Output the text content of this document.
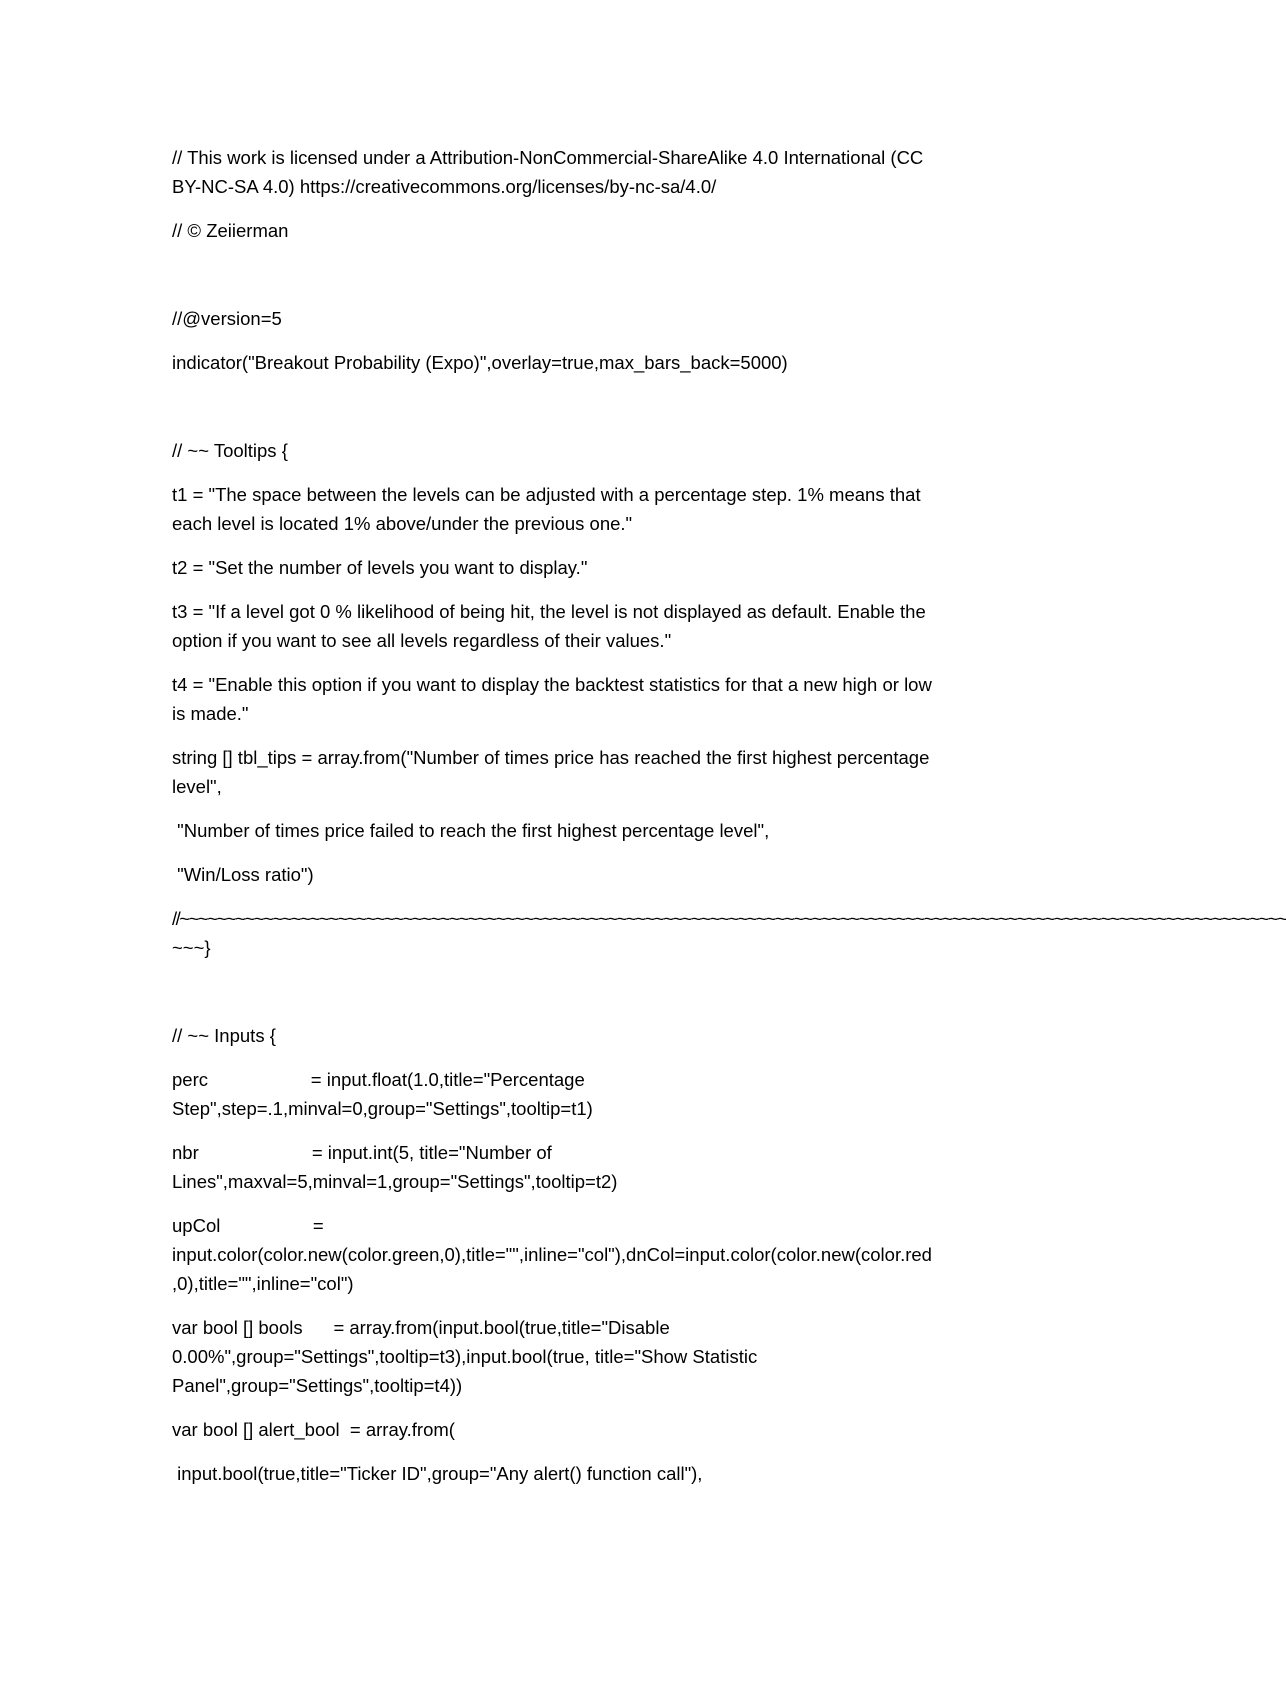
// This work is licensed under a Attribution-NonCommercial-ShareAlike 4.0 International (CC
BY-NC-SA 4.0) https://creativecommons.org/licenses/by-nc-sa/4.0/
// © Zeiierman
//@version=5
indicator("Breakout Probability (Expo)",overlay=true,max_bars_back=5000)
// ~~ Tooltips {
t1 = "The space between the levels can be adjusted with a percentage step. 1% means that
each level is located 1% above/under the previous one."
t2 = "Set the number of levels you want to display."
t3 = "If a level got 0 % likelihood of being hit, the level is not displayed as default. Enable the
option if you want to see all levels regardless of their values."
t4 = "Enable this option if you want to display the backtest statistics for that a new high or low
is made."
string [] tbl_tips = array.from("Number of times price has reached the first highest percentage
level",
"Number of times price failed to reach the first highest percentage level",
"Win/Loss ratio")
//~~~~~~~~~~~~~~~~~~~~~~~~~~~~~~~~~~~~~~~~~~~~~~~~~~~~~~~~~~~~~~~~~~~~~~~~~~~~~~~~~~~~~~~~~~~~~~~~~~~~~~~~~~~~~~~~~~~~~~~
~~~}
// ~~ Inputs {
perc                    = input.float(1.0,title="Percentage
Step",step=.1,minval=0,group="Settings",tooltip=t1)
nbr                      = input.int(5, title="Number of
Lines",maxval=5,minval=1,group="Settings",tooltip=t2)
upCol                  =
input.color(color.new(color.green,0),title="",inline="col"),dnCol=input.color(color.new(color.red
,0),title="",inline="col")
var bool [] bools      = array.from(input.bool(true,title="Disable
0.00%",group="Settings",tooltip=t3),input.bool(true, title="Show Statistic
Panel",group="Settings",tooltip=t4))
var bool [] alert_bool  = array.from(
input.bool(true,title="Ticker ID",group="Any alert() function call"),
